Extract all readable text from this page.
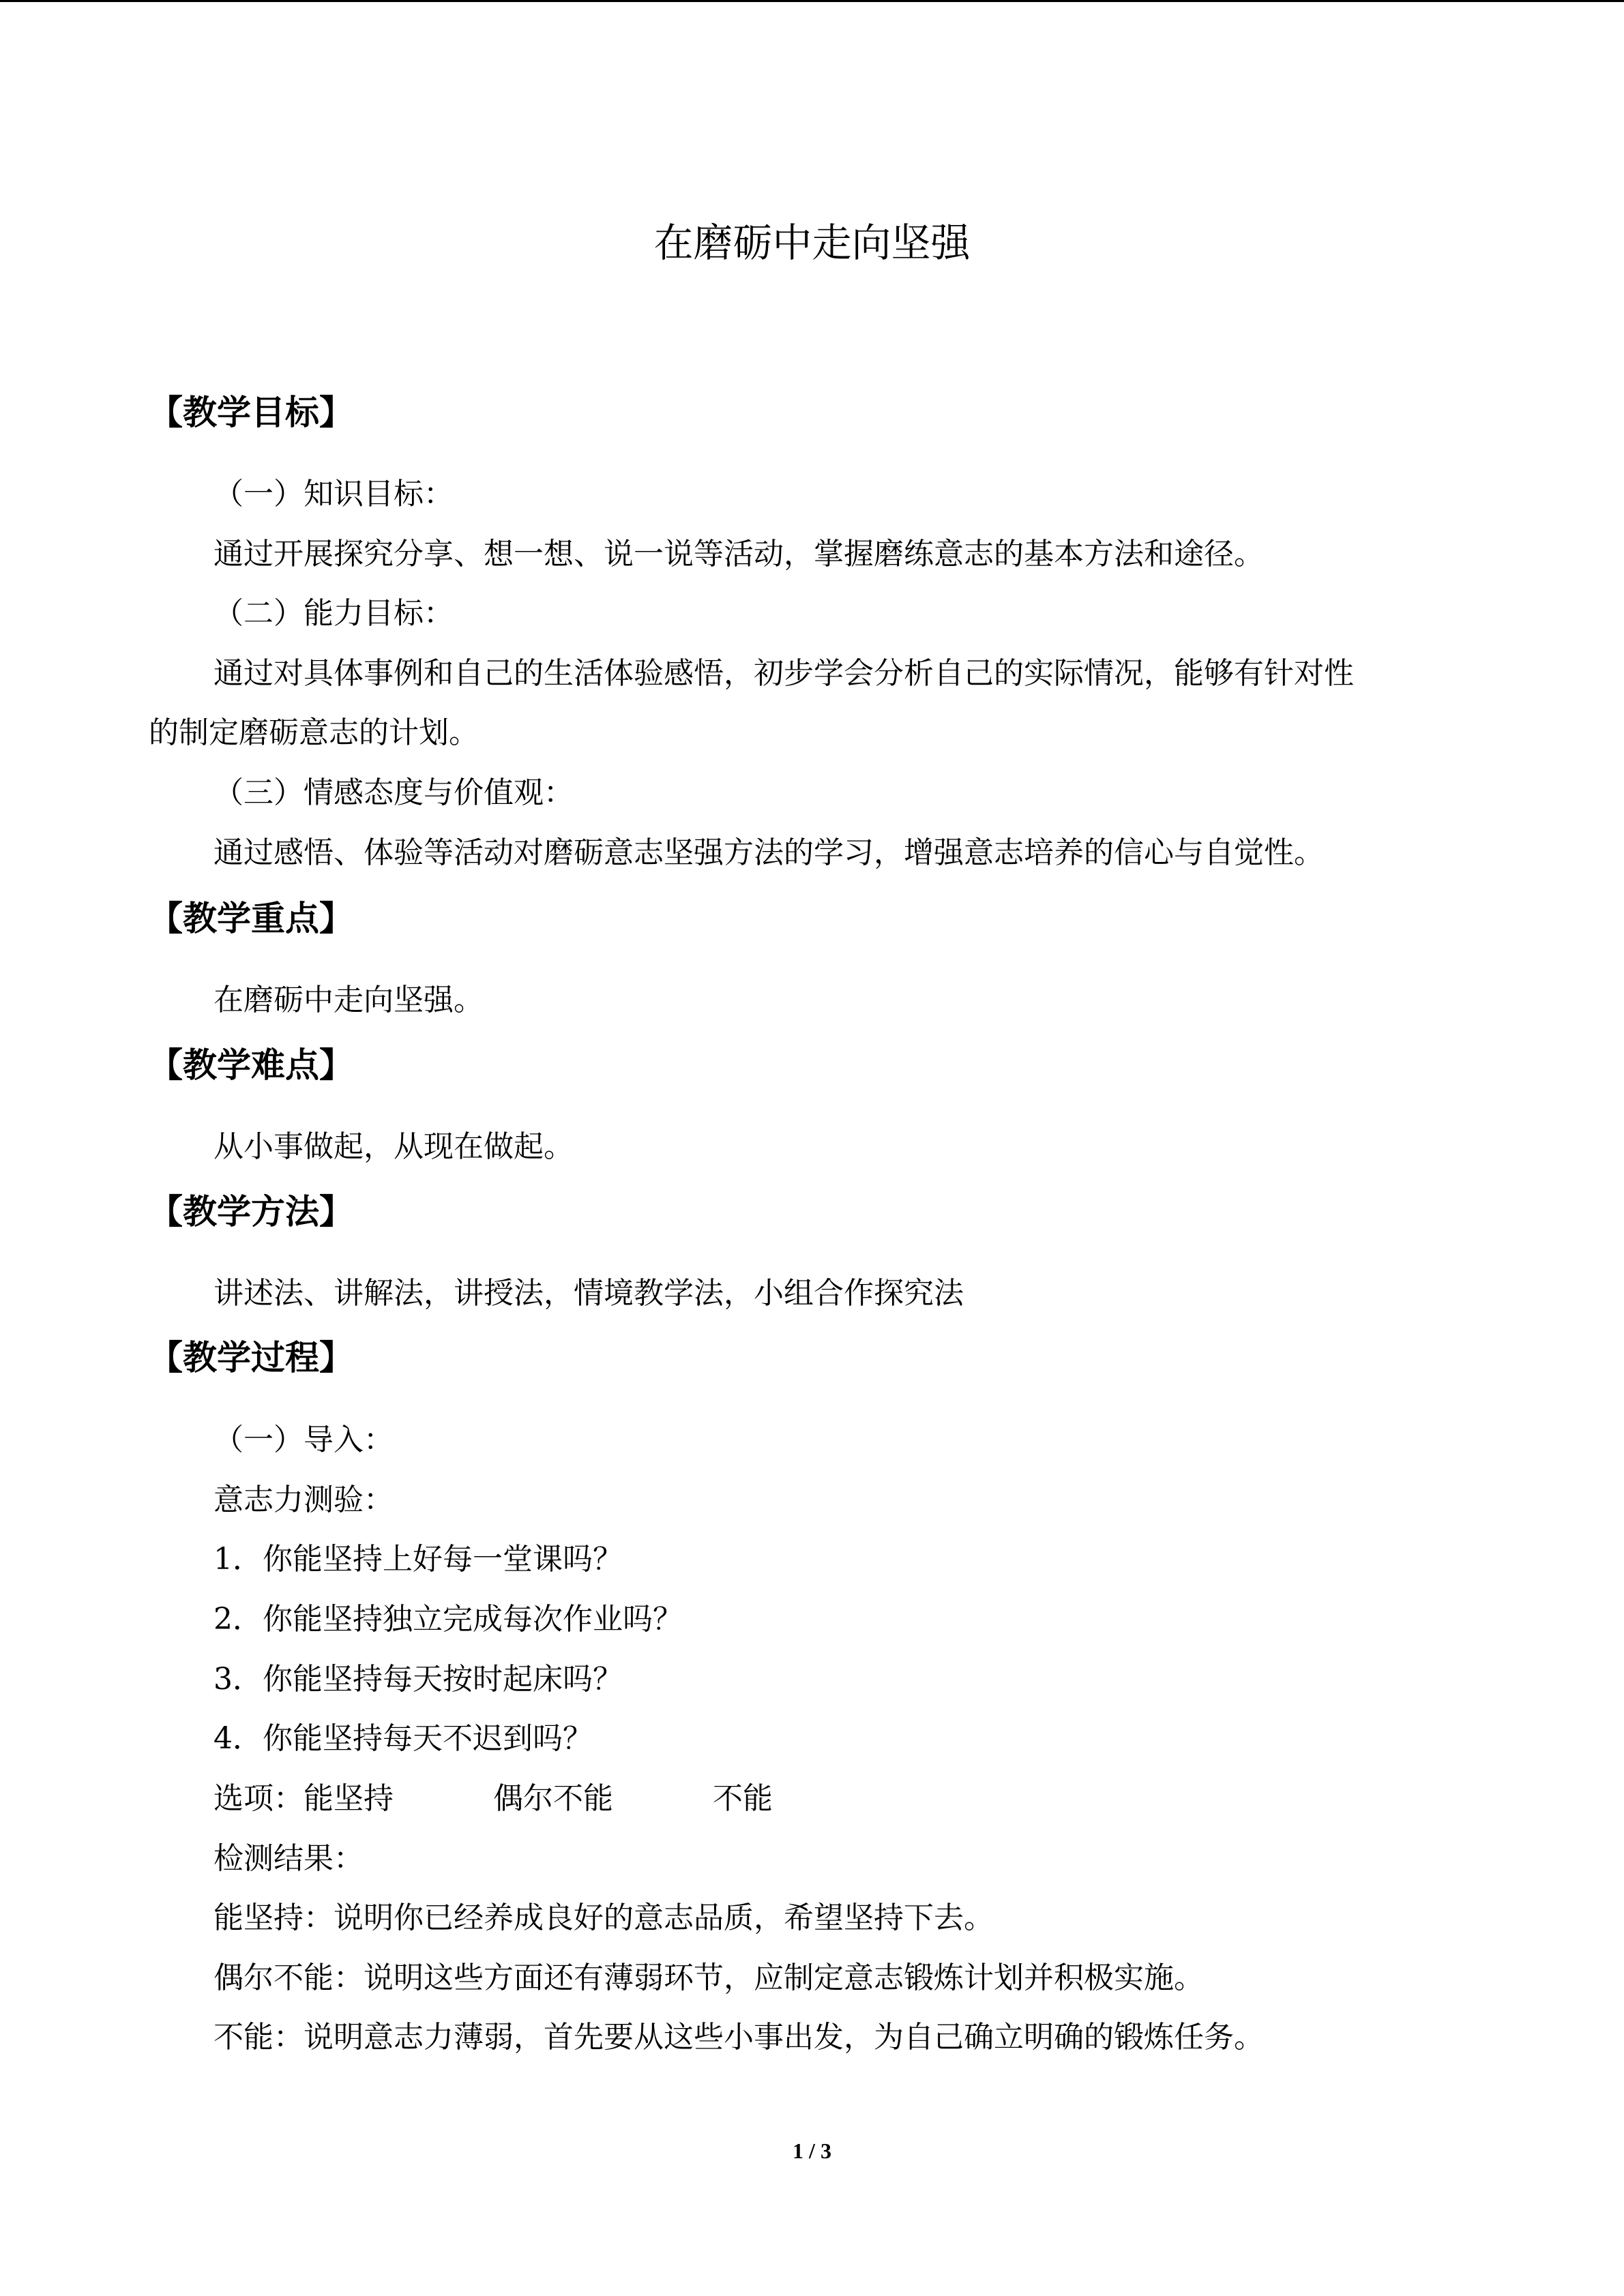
在磨砺中走向坚强
【教学目标】
（一）知识目标：
通过开展探究分享、想一想、说一说等活动，掌握磨练意志的基本方法和途径。
（二）能力目标：
通过对具体事例和自己的生活体验感悟，初步学会分析自己的实际情况，能够有针对性
的制定磨砺意志的计划。
（三）情感态度与价值观：
通过感悟、体验等活动对磨砺意志坚强方法的学习，增强意志培养的信心与自觉性。
【教学重点】
在磨砺中走向坚强。
【教学难点】
从小事做起，从现在做起。
【教学方法】
讲述法、讲解法，讲授法，情境教学法，小组合作探究法
【教学过程】
（一）导入：
意志力测验：
1．你能坚持上好每一堂课吗？
2．你能坚持独立完成每次作业吗？
3．你能坚持每天按时起床吗？
4．你能坚持每天不迟到吗？
选项：能坚持	偶尔不能	不能
检测结果：
能坚持：说明你已经养成良好的意志品质，希望坚持下去。
偶尔不能：说明这些方面还有薄弱环节，应制定意志锻炼计划并积极实施。
不能：说明意志力薄弱，首先要从这些小事出发，为自己确立明确的锻炼任务。
1 / 3
